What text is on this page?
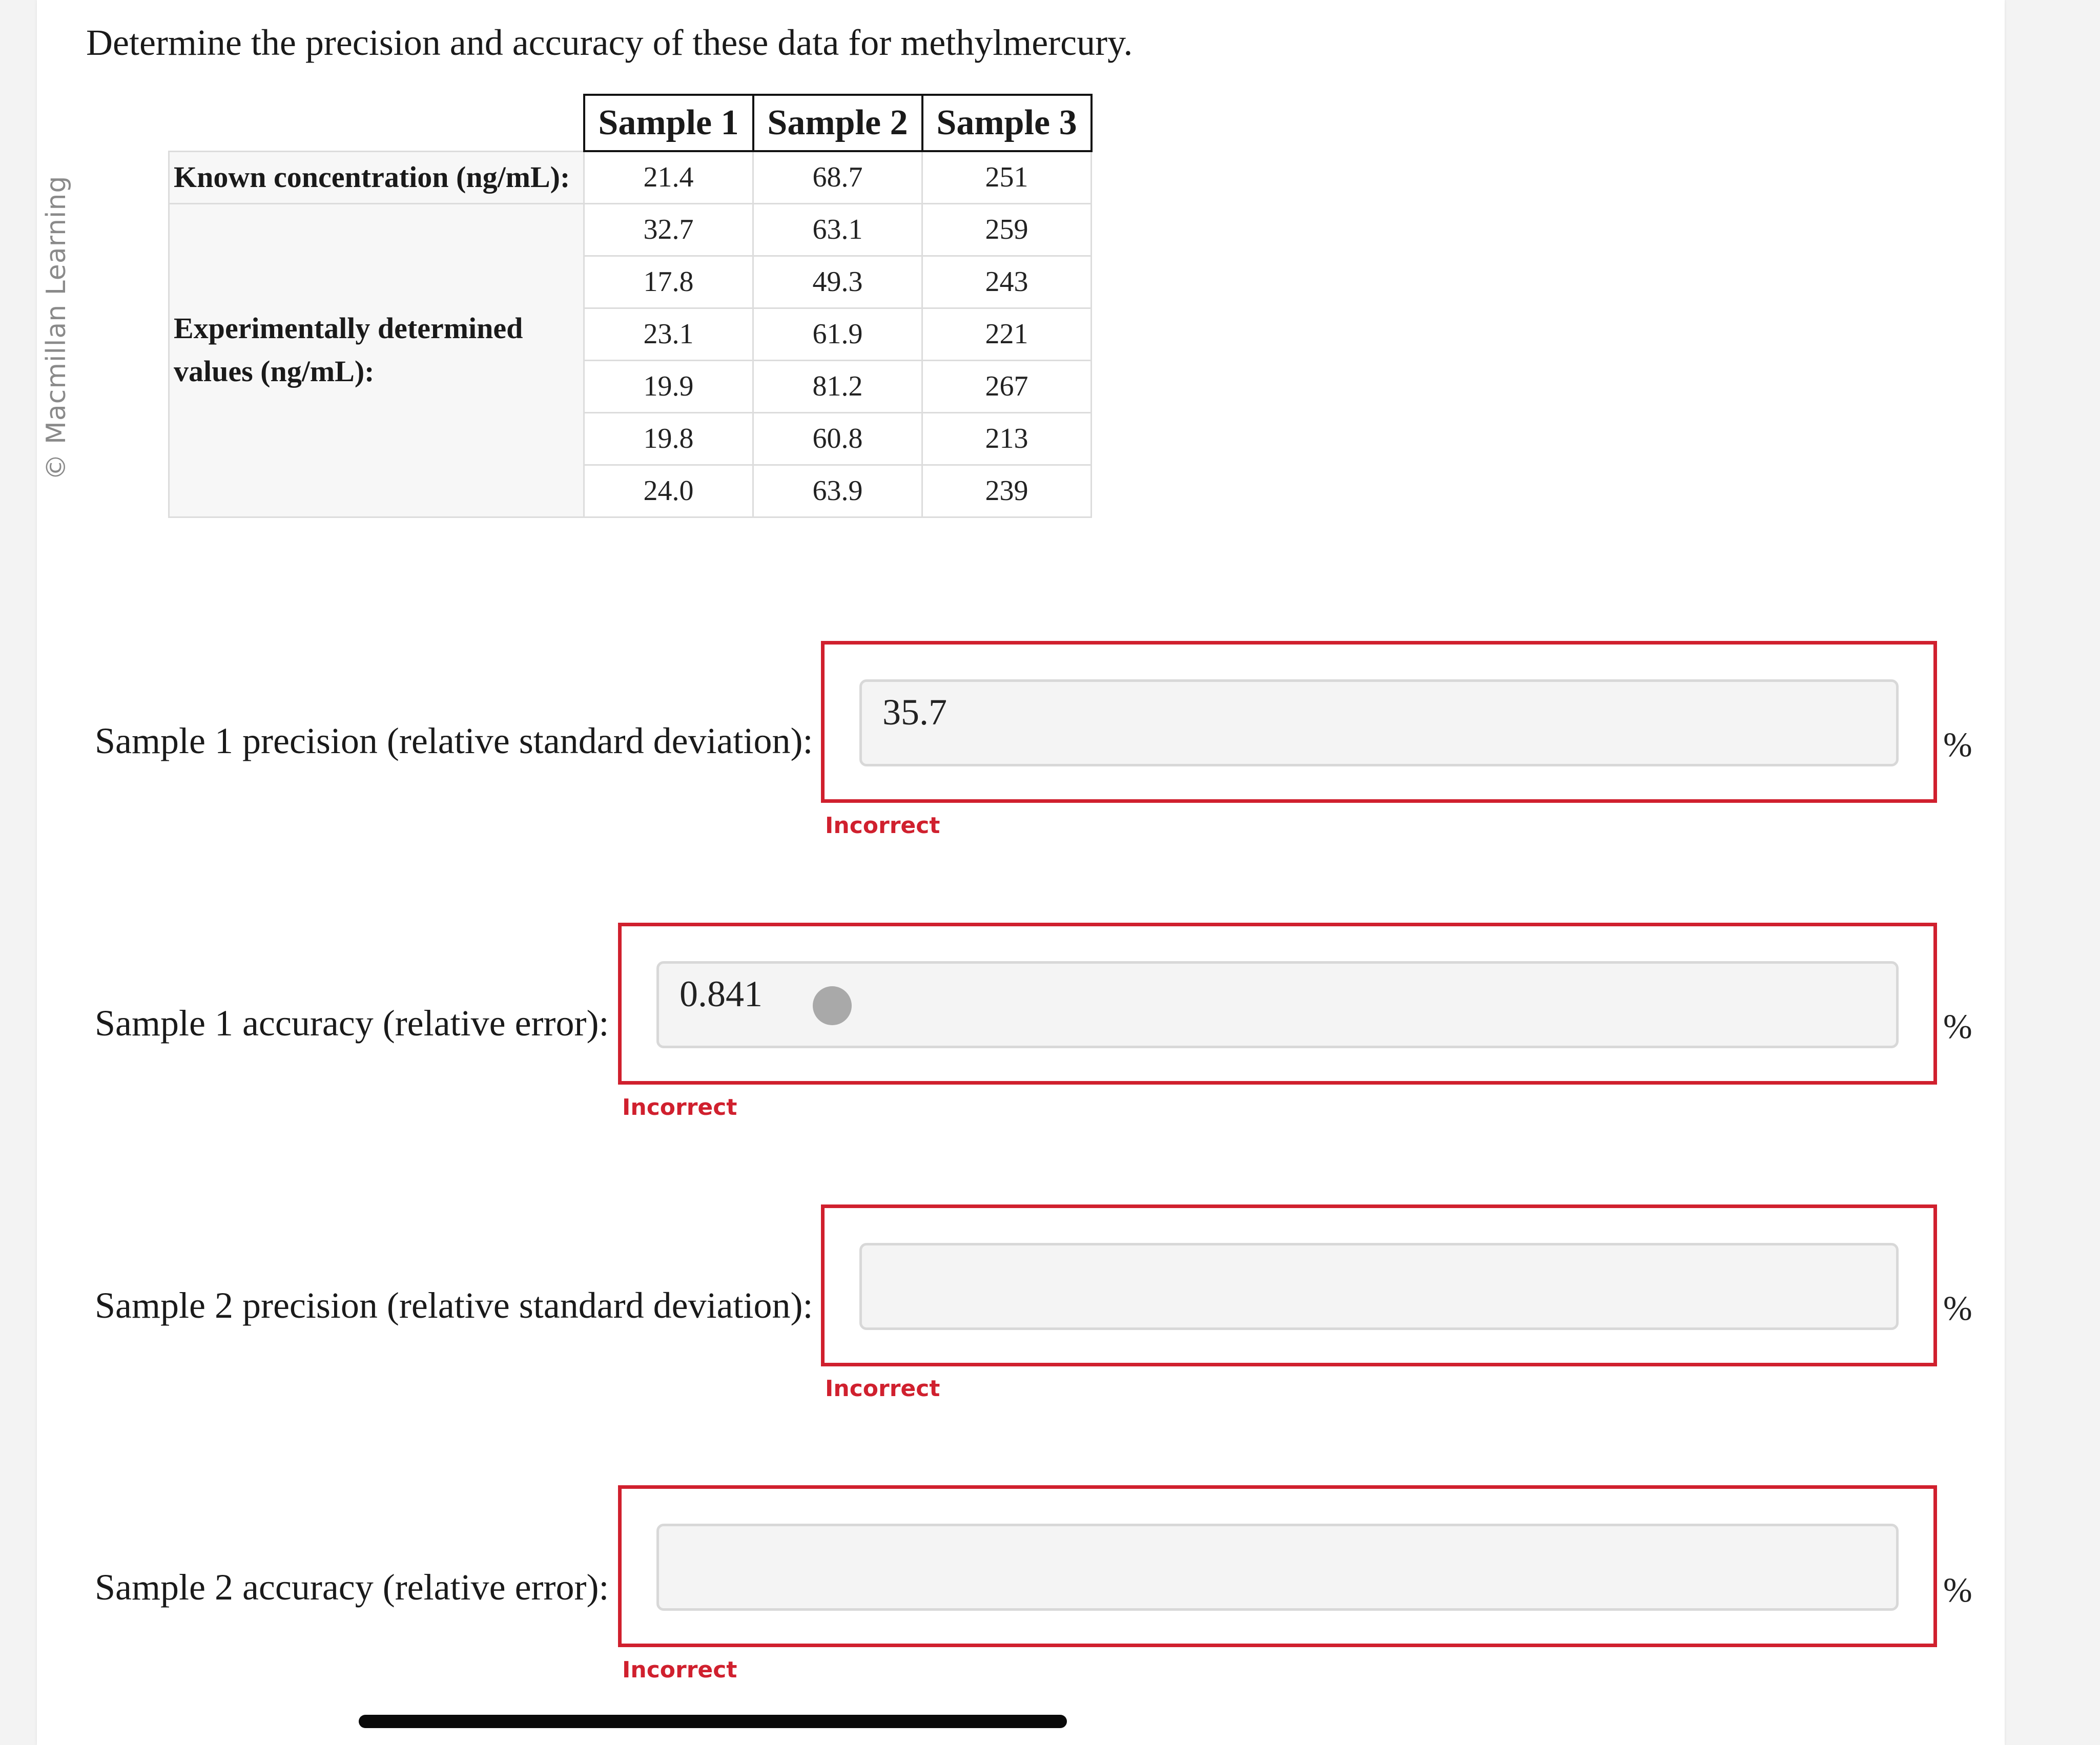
© Macmillan Learning
Determine the precision and accuracy of these data for methylmercury.
	Sample 1	Sample 2	Sample 3
Known concentration (ng/mL):	21.4	68.7	251
Experimentally determined values (ng/mL):	32.7	63.1	259
	17.8	49.3	243
	23.1	61.9	221
	19.9	81.2	267
	19.8	60.8	213
	24.0	63.9	239
Sample 1 precision (relative standard deviation):
35.7
%
Incorrect
Sample 1 accuracy (relative error):
0.841
%
Incorrect
Sample 2 precision (relative standard deviation):	%
Incorrect
Sample 2 accuracy (relative error):	%
Incorrect
